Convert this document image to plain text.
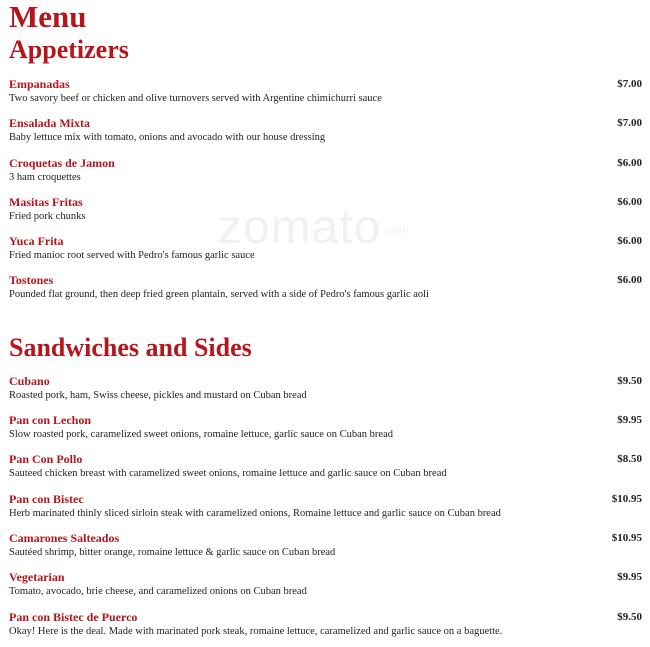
zomato.com
Menu
Appetizers
Empanadas
Two savory beef or chicken and olive turnovers served with Argentine chimichurri sauce
$7.00
Ensalada Mixta
Baby lettuce mix with tomato, onions and avocado with our house dressing
$7.00
Croquetas de Jamon
3 ham croquettes
$6.00
Masitas Fritas
Fried pork chunks
$6.00
Yuca Frita
Fried manioc root served with Pedro's famous garlic sauce
$6.00
Tostones
Pounded flat ground, then deep fried green plantain, served with a side of Pedro's famous garlic aoli
$6.00
Sandwiches and Sides
Cubano
Roasted pork, ham, Swiss cheese, pickles and mustard on Cuban bread
$9.50
Pan con Lechon
Slow roasted pork, caramelized sweet onions, romaine lettuce, garlic sauce on Cuban bread
$9.95
Pan Con Pollo
Sauteed chicken breast with caramelized sweet onions, romaine lettuce and garlic sauce on Cuban bread
$8.50
Pan con Bistec
Herb marinated thinly sliced sirloin steak with caramelized onions, Romaine lettuce and garlic sauce on Cuban bread
$10.95
Camarones Salteados
Sautéed shrimp, bitter orange, romaine lettuce & garlic sauce on Cuban bread
$10.95
Vegetarian
Tomato, avocado, brie cheese, and caramelized onions on Cuban bread
$9.95
Pan con Bistec de Puerco
Okay! Here is the deal. Made with marinated pork steak, romaine lettuce, caramelized and garlic sauce on a baguette.
$9.50
